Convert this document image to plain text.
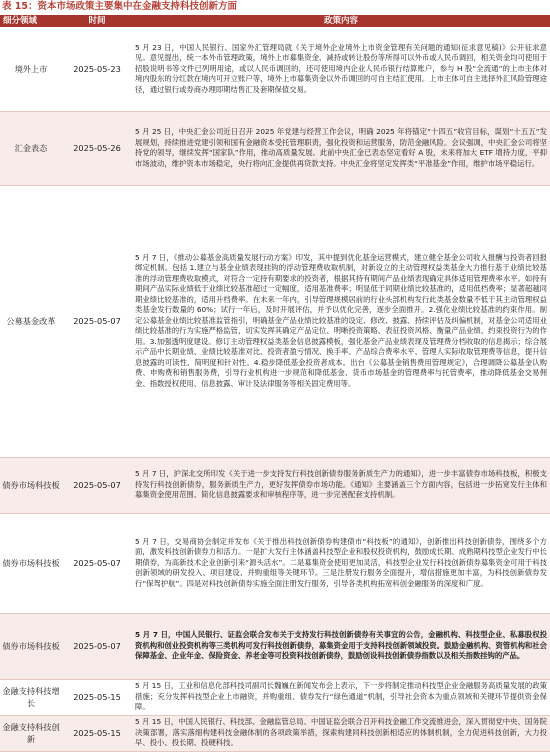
表 15：资本市场政策主要集中在金融支持科技创新方面
细分领域	时间	政策内容
境外上市	2025-05-23	5 月 23 日，中国人民银行、国家外汇管理局就《关于境外企业境外上市资金管理有关问题的通知(征求意见稿)》公开征求意见。意见提出，统一本外币管理政策，境外上市募集资金、减持或转让股份等所得可以外币或人民币调回，相关资金均可使用于招股说明书等文件已列明用途，或以人民币调回的，还可使用境内企业人民币银行结算账户，参与 H 股“全流通”的上市主体对境内股东的分红款在境内可开立账户等，境外上市募集资金以外币调回的可自主结汇使用。上市主体可自主选择外汇风险管理途径，通过银行或券商办理即期结售汇及套期保值交易。
汇金表态	2025-05-26	5 月 25 日，中央汇金公司近日召开 2025 年党建与经营工作会议，明确 2025 年将锚定“十四五”收官目标，谋划“十五五”发展规划，持续推进党建引领和国有金融资本受托管理职责，强化投资和运营服务，防范金融风险。会议强调，中央汇金公司将坚持党的领导，继续发挥“国家队”作用，推动高质量发展。此前中央汇金已表态坚定看好 A 股，未来将加大 ETF 增持力度，平抑市场波动，维护资本市场稳定，央行将向汇金提供再贷款支持。中央汇金将坚定发挥类“平准基金”作用，维护市场平稳运行。
公募基金改革	2025-05-07	5 月 7 日，《推动公募基金高质量发展行动方案》印发，其中提到优化基金运营模式，建立健全基金公司收入报酬与投资者回报绑定机制。包括 1.建立与基金业绩表现挂钩的浮动管理费收取机制，对新设立的主动管理权益类基金大力推行基于业绩比较基准的浮动管理费收取模式，对符合一定持有期要求的投资者，根据其持有期间产品业绩表现确定具体适用管理费率水平。如持有期间产品实际业绩低于业绩比较基准超过一定幅度，适用基准费率；明显低于同期业绩比较基准的，适用低档费率；显著超越同期业绩比较基准的，适用升档费率。在未来一年内，引导管理规模居前的行业头部机构发行此类基金数量不低于其主动管理权益类基金发行数量的 60%；试行一年后，及时开展评估，并予以优化完善，逐步全面推开。2.强化业绩比较基准的约束作用。制定公募基金业绩比较基准监管指引，明确基金产品业绩比较基准的设定、修改、披露、持续评估及纠偏机制，对基金公司适用业绩比较基准的行为实施严格监管，切实发挥其确定产品定位、明晰投资策略、表征投资风格、衡量产品业绩、约束投资行为的作用。3.加强透明度建设。修订主动管理权益类基金信息披露模板，强化基金产品业绩表现及管理费分档收取的信息揭示；综合展示产品中长期业绩、业绩比较基准对比、投资者盈亏情况、换手率、产品综合费率水平、管理人实际收取管理费等信息，提升信息披露的可读性、简明度和针对性。4.稳步降低基金投资者成本。出台《公募基金销售费用管理规定》，合理调降公募基金认购费、申购费和销售服务费，引导行业机构进一步规范和降低基金、货币市场基金的管理费率与托管费率，推动降低基金交易佣金、指数授权使用、信息披露、审计及法律服务等相关固定费用等。
债券市场科技板	2025-05-07	5 月 7 日，沪深北交所印发《关于进一步支持发行科技创新债券服务新质生产力的通知》，进一步丰富债券市场科技板，积极支持发行科技创新债券，服务新质生产力，更好发挥债券市场功能。《通知》主要涵盖三个方面内容，包括进一步拓宽发行主体和募集资金使用范围、简化信息披露要求和审核程序等，进一步完善配套支持机制。
债券市场科技板	2025-05-07	5 月 7 日，交易商协会制定并发布《关于推出科技创新债券构建债市“科技板”的通知》，创新推出科技创新债券，围绕多个方面，激发科技创新债券力和活力。一是扩大发行主体涵盖科技型企业和股权投资机构，鼓励成长期、成熟期科技型企业发行中长期债券，为高新技术企业创新引来“源头活水”。二是募集资金使用更加灵活，科技型企业发行科技创新债券募集资金可用于科技创新领域的研发投入、项目建设、并购重组等关键环节。三是注册发行服务全面提升，增信措施更加丰富，为科技创新债券发行“保驾护航”。四是对科技创新债券实施全面注册发行服务，引导各类机构拓宽科创金融服务的深度和广度。
债券市场科技板	2025-05-07	5 月 7 日，中国人民银行、证监会联合发布关于支持发行科技创新债券有关事宜的公告，金融机构、科技型企业、私募股权投资机构和创业投资机构等三类机构可发行科技创新债券，募集资金用于支持科技创新领域投资。鼓励金融机构、资管机构和社会保障基金、企业年金、保险资金、养老金等可投资科技创新债券，鼓励创设科技创新债券指数以及相关指数挂钩的产品。
金融支持科技增长	2025-05-15	5 月 15 日，工业和信息化部科技司副司长魏巍在新闻发布会上表示，下一步将制定推动科技型企业金融服务高质量发展的政策措施；充分发挥科技型企业上市融资，并购重组、债券发行“绿色通道”机制，引导社会资本为重点领域和关键环节提供资金保障。
金融支持科技创新	2025-05-15	5 月 15 日，中国人民银行、科技部、金融监管总局、中国证监会联合召开科技金融工作交流推进会，深入贯彻党中央、国务院决策部署，落实落细构建科技金融体制的各项政策举措，探索构建同科技创新相适应的体制机制，全力促进科技创新，大力投早、投小、投长期、投硬科技。
